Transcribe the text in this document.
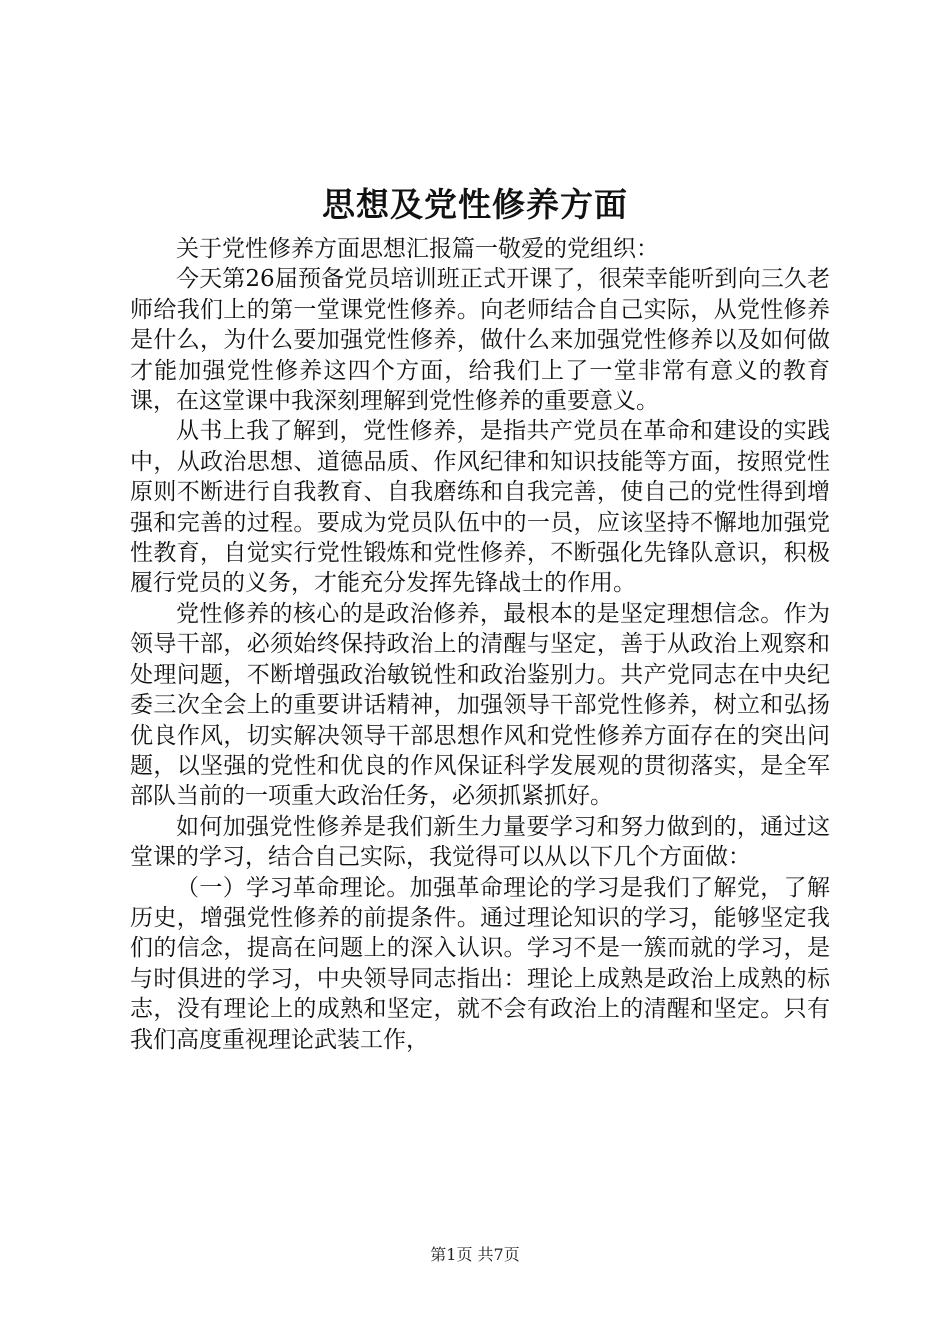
思想及党性修养方面

关于党性修养方面思想汇报篇一敬爱的党组织：

今天第26届预备党员培训班正式开课了，很荣幸能听到向三久老师给我们上的第一堂课党性修养。向老师结合自己实际，从党性修养是什么，为什么要加强党性修养，做什么来加强党性修养以及如何做才能加强党性修养这四个方面，给我们上了一堂非常有意义的教育课，在这堂课中我深刻理解到党性修养的重要意义。

从书上我了解到，党性修养，是指共产党员在革命和建设的实践中，从政治思想、道德品质、作风纪律和知识技能等方面，按照党性原则不断进行自我教育、自我磨练和自我完善，使自己的党性得到增强和完善的过程。要成为党员队伍中的一员，应该坚持不懈地加强党性教育，自觉实行党性锻炼和党性修养，不断强化先锋队意识，积极履行党员的义务，才能充分发挥先锋战士的作用。

党性修养的核心的是政治修养，最根本的是坚定理想信念。作为领导干部，必须始终保持政治上的清醒与坚定，善于从政治上观察和处理问题，不断增强政治敏锐性和政治鉴别力。共产党同志在中央纪委三次全会上的重要讲话精神，加强领导干部党性修养，树立和弘扬优良作风，切实解决领导干部思想作风和党性修养方面存在的突出问题，以坚强的党性和优良的作风保证科学发展观的贯彻落实，是全军部队当前的一项重大政治任务，必须抓紧抓好。

如何加强党性修养是我们新生力量要学习和努力做到的，通过这堂课的学习，结合自己实际，我觉得可以从以下几个方面做：

（一）学习革命理论。加强革命理论的学习是我们了解党，了解历史，增强党性修养的前提条件。通过理论知识的学习，能够坚定我们的信念，提高在问题上的深入认识。学习不是一簇而就的学习，是与时俱进的学习，中央领导同志指出：理论上成熟是政治上成熟的标志，没有理论上的成熟和坚定，就不会有政治上的清醒和坚定。只有我们高度重视理论武装工作，

第1页 共7页
